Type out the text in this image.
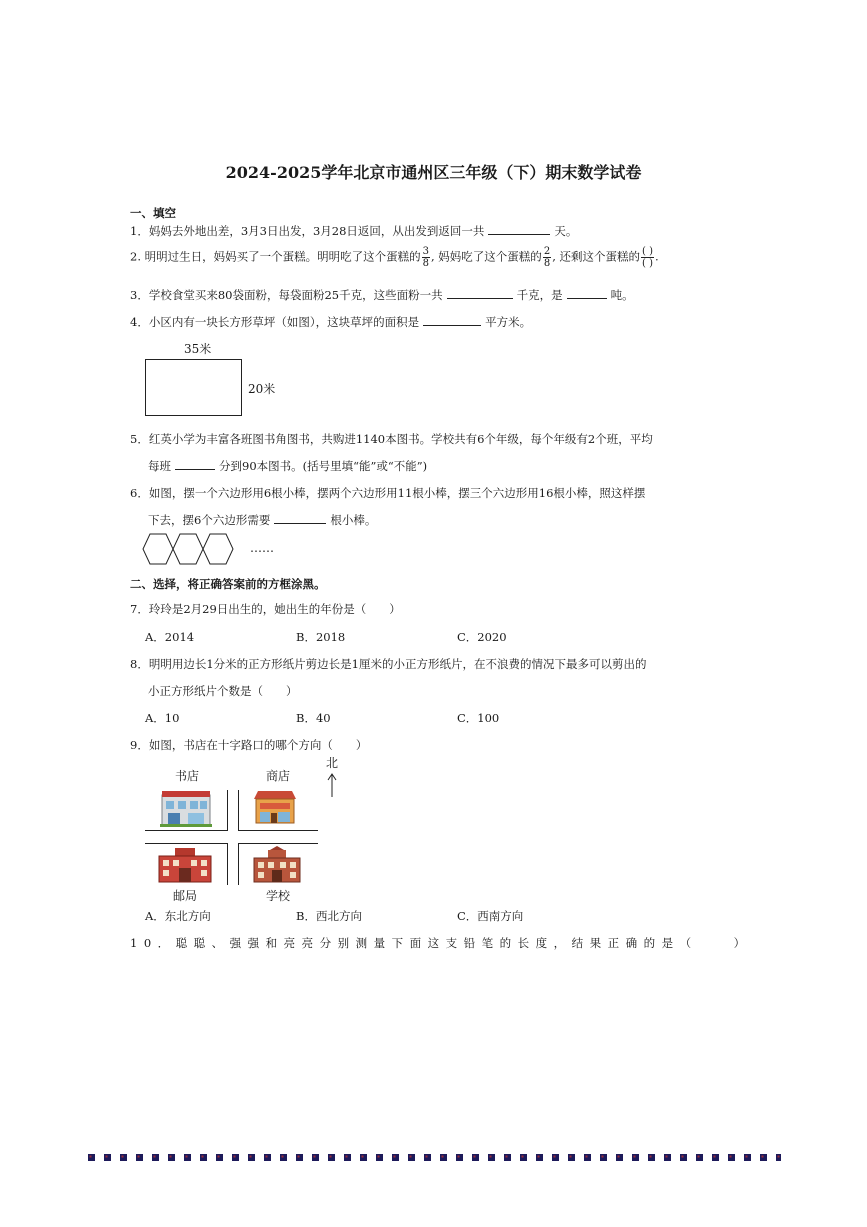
2024-2025学年北京市通州区三年级（下）期末数学试卷
一、填空
1．妈妈去外地出差，3月3日出发，3月28日返回，从出发到返回一共	天。
2. 明明过生日，妈妈买了一个蛋糕。明明吃了这个蛋糕的 $\frac{3}{8}$ , 妈妈吃了这个蛋糕的 $\frac{2}{8}$ , 还剩这个蛋糕的 $\frac{( )}{( )}$ .
3．学校食堂买来80袋面粉，每袋面粉25千克，这些面粉一共	千克，是	吨。
4．小区内有一块长方形草坪（如图），这块草坪的面积是	平方米。
35米
20米
5．红英小学为丰富各班图书角图书，共购进1140本图书。学校共有6个年级，每个年级有2个班，平均
每班	分到90本图书。(括号里填“能”或“不能”)
6．如图，摆一个六边形用6根小棒，摆两个六边形用11根小棒，摆三个六边形用16根小棒，照这样摆
下去，摆6个六边形需要	根小棒。
……
二、选择，将正确答案前的方框涂黑。
7．玲玲是2月29日出生的，她出生的年份是（　　）
A．2014	B．2018	C．2020
8．明明用边长1分米的正方形纸片剪边长是1厘米的小正方形纸片，在不浪费的情况下最多可以剪出的
小正方形纸片个数是（　　）
A．10	B．40	C．100
9．如图，书店在十字路口的哪个方向（　　）
书店	商店
北
邮局	学校
A．东北方向	B．西北方向	C．西南方向
10．聪聪、强强和亮亮分别测量下面这支铅笔的长度，结果正确的是（　　）
